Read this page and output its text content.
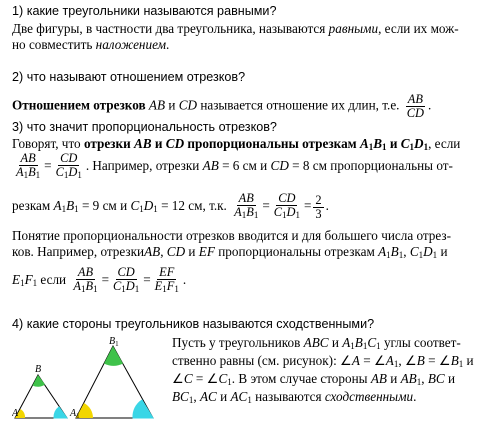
1) какие треугольники называются равными?
Две фигуры, в частности два треугольника, называются равными, если их мож-
но совместить наложением.
2) что называют отношением отрезков?
Отношением отрезков AB и CD называется отношение их длин, т.е. $\frac{AB}{CD}$ .
3) что значит пропорциональность отрезков?
Говорят, что отрезки AB и CD пропорциональны отрезкам $A_1B_1$ и $C_1D_1$, если
$\frac{AB}{A_1B_1} = \frac{CD}{C_1D_1}$ . Например, отрезки AB = 6 см и CD = 8 см пропорциональны от-
резкам $A_1B_1 = 9$ см и $C_1D_1 = 12$ см, т.к. $\frac{AB}{A_1B_1} = \frac{CD}{C_1D_1} = \frac{2}{3}$ .
Понятие пропорциональности отрезков вводится и для большего числа отрез-
ков. Например, отрезкиAB, CD и EF пропорциональны отрезкам $A_1B_1$, $C_1D_1$ и
$E_1F_1$ если $\frac{AB}{A_1B_1} = \frac{CD}{C_1D_1} = \frac{EF}{E_1F_1}$ .
4) какие стороны треугольников называются сходственными?
$B_1$
B
A	$A_1$
Пусть у треугольников ABC и $A_1B_1C_1$ углы соответ-
ственно равны (см. рисунок): ∠A = $\angle A_1$, ∠B = $\angle B_1$ и
∠C = $\angle C_1$. В этом случае стороны AB и $AB_1$, BC и
$BC_1$, AC и $AC_1$ называются сходственными.
